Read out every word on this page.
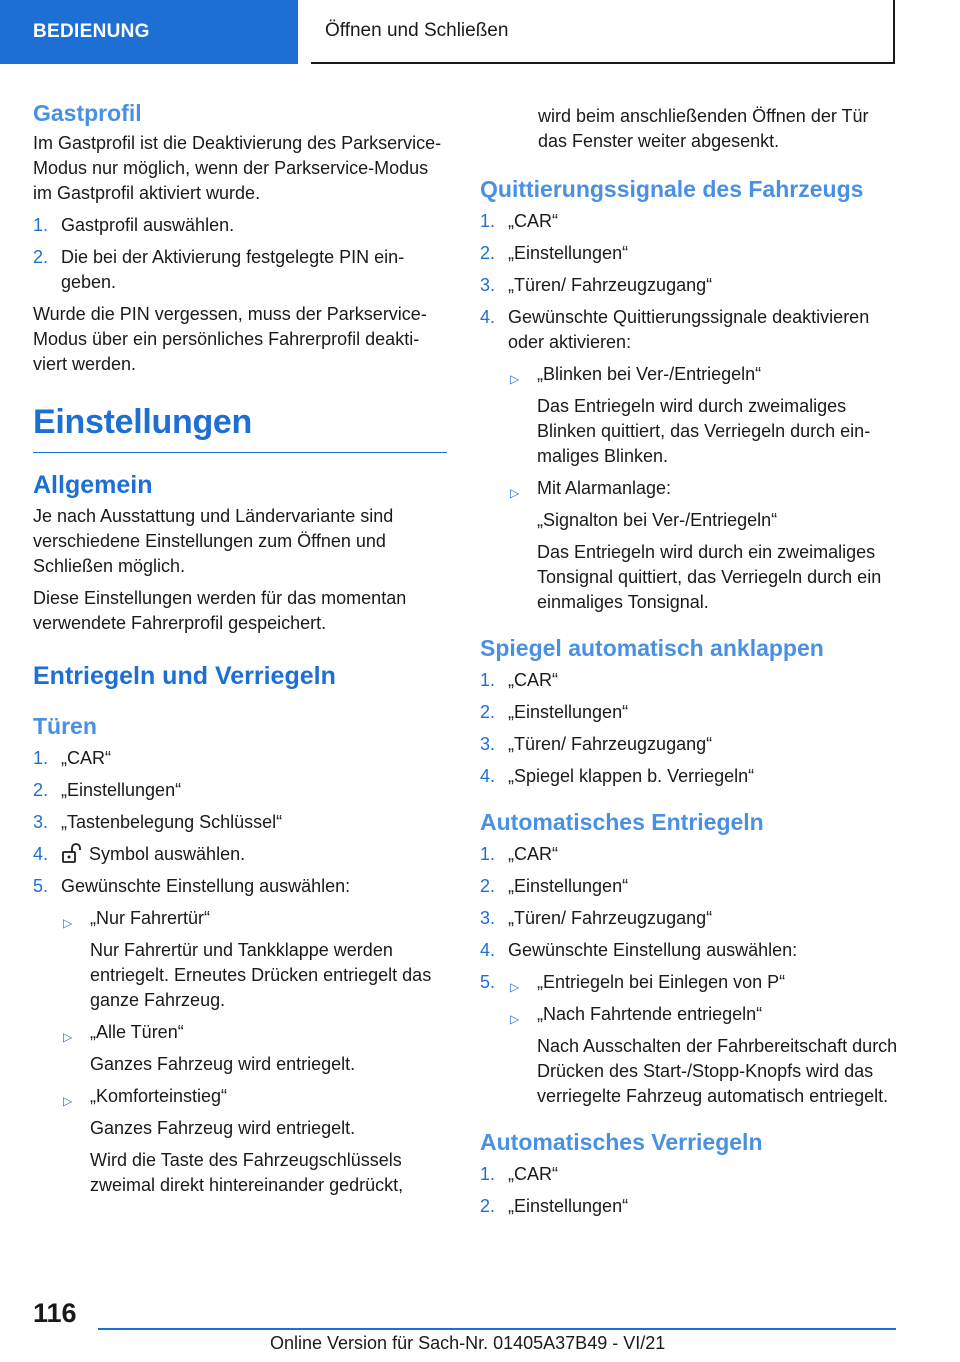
BEDIENUNG	Öffnen und Schließen
Gastprofil

Im Gastprofil ist die Deaktivierung des Parkservice-Modus nur möglich, wenn der Parkservice-Modus im Gastprofil aktiviert wurde.

1. Gastprofil auswählen.
2. Die bei der Aktivierung festgelegte PIN eingeben.

Wurde die PIN vergessen, muss der Parkservice-Modus über ein persönliches Fahrerprofil deaktiviert werden.

Einstellungen
Allgemein

Je nach Ausstattung und Ländervariante sind verschiedene Einstellungen zum Öffnen und Schließen möglich.

Diese Einstellungen werden für das momentan verwendete Fahrerprofil gespeichert.

Entriegeln und Verriegeln
Türen
1. „CAR“
2. „Einstellungen“
3. „Tastenbelegung Schlüssel“
4. Symbol auswählen.
5. Gewünschte Einstellung auswählen:
▷ „Nur Fahrertür“

Nur Fahrertür und Tankklappe werden entriegelt. Erneutes Drücken entriegelt das ganze Fahrzeug.

▷ „Alle Türen“

Ganzes Fahrzeug wird entriegelt.

▷ „Komforteinstieg“

Ganzes Fahrzeug wird entriegelt.

Wird die Taste des Fahrzeugschlüssels zweimal direkt hintereinander gedrückt,

wird beim anschließenden Öffnen der Tür das Fenster weiter abgesenkt.

Quittierungssignale des Fahrzeugs
1. „CAR“
2. „Einstellungen“
3. „Türen/ Fahrzeugzugang“
4. Gewünschte Quittierungssignale deaktivieren oder aktivieren:
▷ „Blinken bei Ver-/Entriegeln“

Das Entriegeln wird durch zweimaliges Blinken quittiert, das Verriegeln durch einmaliges Blinken.

▷ Mit Alarmanlage:

„Signalton bei Ver-/Entriegeln“

Das Entriegeln wird durch ein zweimaliges Tonsignal quittiert, das Verriegeln durch ein einmaliges Tonsignal.

Spiegel automatisch anklappen
1. „CAR“
2. „Einstellungen“
3. „Türen/ Fahrzeugzugang“
4. „Spiegel klappen b. Verriegeln“
Automatisches Entriegeln
1. „CAR“
2. „Einstellungen“
3. „Türen/ Fahrzeugzugang“
4. Gewünschte Einstellung auswählen:
5. ▷ „Entriegeln bei Einlegen von P“
▷ „Nach Fahrtende entriegeln“

Nach Ausschalten der Fahrbereitschaft durch Drücken des Start-/Stopp-Knopfs wird das verriegelte Fahrzeug automatisch entriegelt.

Automatisches Verriegeln
1. „CAR“
2. „Einstellungen“
116
Online Version für Sach-Nr. 01405A37B49 - VI/21
